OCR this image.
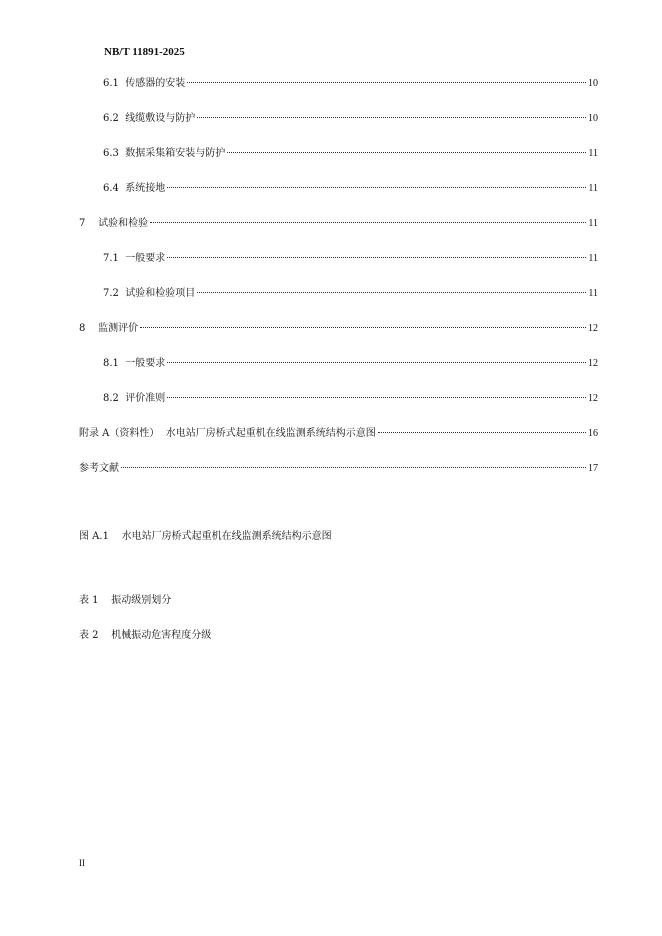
NB/T 11891-2025
6.1 传感器的安装	10
6.2 线缆敷设与防护	10
6.3 数据采集箱安装与防护	11
6.4 系统接地	11
7 试验和检验	11
7.1 一般要求	11
7.2 试验和检验项目	11
8 监测评价	12
8.1 一般要求	12
8.2 评价准则	12
附录 A（资料性）  水电站厂房桥式起重机在线监测系统结构示意图	16
参考文献	17
图 A.1    水电站厂房桥式起重机在线监测系统结构示意图
表 1    振动级别划分
表 2    机械振动危害程度分级
II
